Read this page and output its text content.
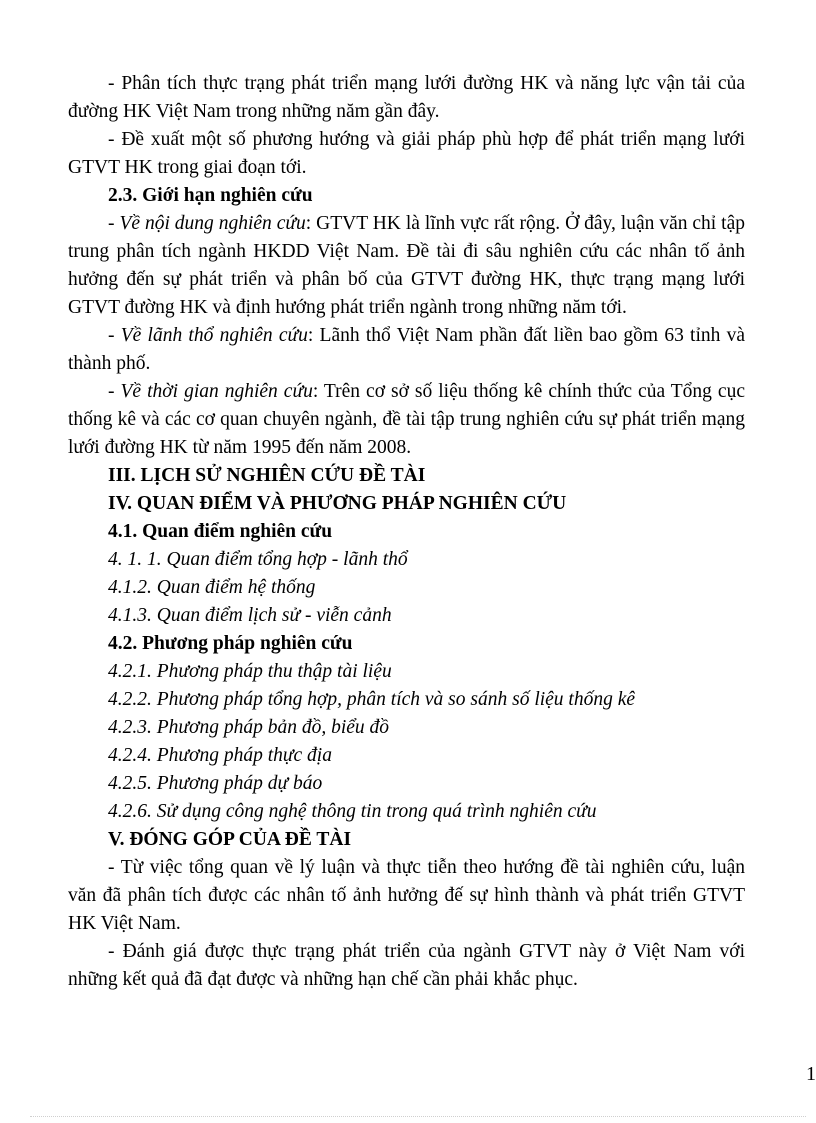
- Phân tích thực trạng phát triển mạng lưới đường HK và năng lực vận tải của đường HK Việt Nam trong những năm gần đây.

- Đề xuất một số phương hướng và giải pháp phù hợp để phát triển mạng lưới GTVT HK trong giai đoạn tới.

2.3. Giới hạn nghiên cứu

- Về nội dung nghiên cứu: GTVT HK là lĩnh vực rất rộng. Ở đây, luận văn chỉ tập trung phân tích ngành HKDD Việt Nam. Đề tài đi sâu nghiên cứu các nhân tố ảnh hưởng đến sự phát triển và phân bố của GTVT đường HK, thực trạng mạng lưới GTVT đường HK và định hướng phát triển ngành trong những năm tới.

- Về lãnh thổ nghiên cứu: Lãnh thổ Việt Nam phần đất liền bao gồm 63 tỉnh và thành phố.

- Về thời gian nghiên cứu: Trên cơ sở số liệu thống kê chính thức của Tổng cục thống kê và các cơ quan chuyên ngành, đề tài tập trung nghiên cứu sự phát triển mạng lưới đường HK từ năm 1995 đến năm 2008.

III. LỊCH SỬ NGHIÊN CỨU ĐỀ TÀI

IV. QUAN ĐIỂM VÀ PHƯƠNG PHÁP NGHIÊN CỨU

4.1. Quan điểm nghiên cứu

4. 1. 1. Quan điểm tổng hợp - lãnh thổ

4.1.2. Quan điểm hệ thống

4.1.3. Quan điểm lịch sử - viễn cảnh

4.2. Phương pháp nghiên cứu

4.2.1. Phương pháp thu thập tài liệu

4.2.2. Phương pháp tổng hợp, phân tích và so sánh số liệu thống kê

4.2.3. Phương pháp bản đồ, biểu đồ

4.2.4. Phương pháp thực địa

4.2.5. Phương pháp dự báo

4.2.6. Sử dụng công nghệ thông tin trong quá trình nghiên cứu

V. ĐÓNG GÓP CỦA ĐỀ TÀI

- Từ việc tổng quan về lý luận và thực tiễn theo hướng đề tài nghiên cứu, luận văn đã phân tích được các nhân tố ảnh hưởng đế sự hình thành và phát triển GTVT HK Việt Nam.

- Đánh giá được thực trạng phát triển của ngành GTVT này ở Việt Nam với những kết quả đã đạt được và những hạn chế cần phải khắc phục.

1
